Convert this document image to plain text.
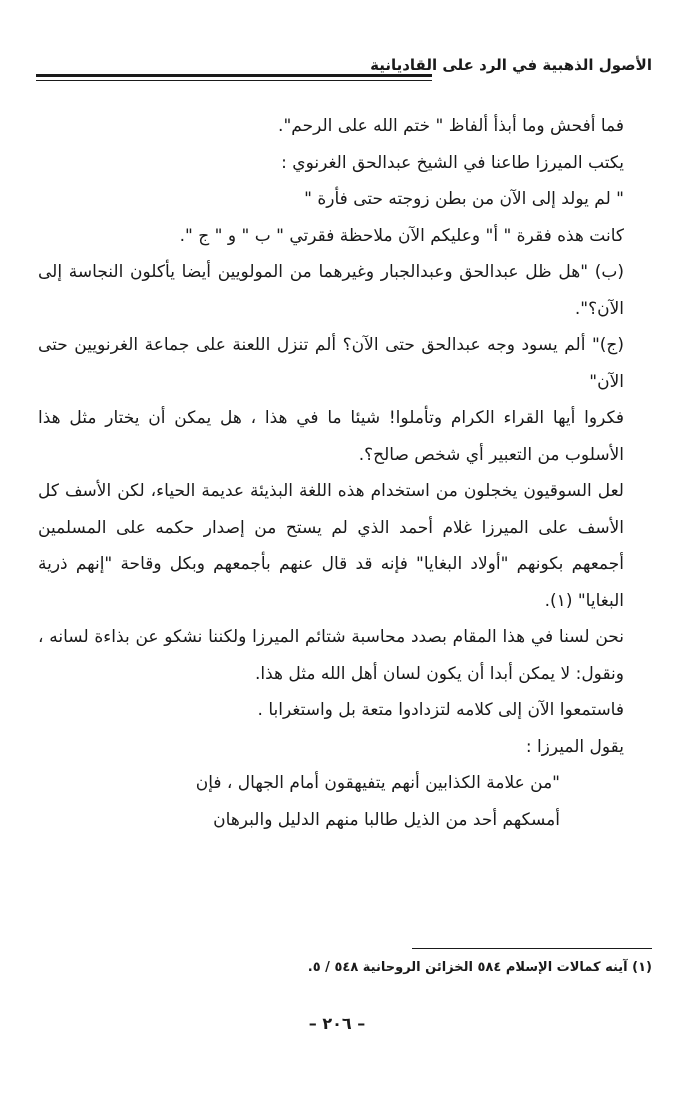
الأصول الذهبية في الرد على القاديانية

فما أفحش وما أبذأ ألفاظ " ختم الله على الرحم".

يكتب الميرزا طاعنا في الشيخ عبدالحق الغرنوي :

" لم يولد إلى الآن من بطن زوجته حتى فأرة "

كانت هذه فقرة " أ" وعليكم الآن ملاحظة فقرتي " ب " و " ج ".

(ب) "هل ظل عبدالحق وعبدالجبار وغيرهما من المولويين أيضا يأكلون النجاسة إلى الآن؟".

(ج)" ألم يسود وجه عبدالحق حتى الآن؟ ألم تنزل اللعنة على جماعة الغرنويين حتى الآن"

فكروا أيها القراء الكرام وتأملوا! شيئا ما في هذا ، هل يمكن أن يختار مثل هذا الأسلوب من التعبير أي شخص صالح؟.

لعل السوقيون يخجلون من استخدام هذه اللغة البذيئة عديمة الحياء، لكن الأسف كل الأسف على الميرزا غلام أحمد الذي لم يستح من إصدار حكمه على المسلمين أجمعهم بكونهم "أولاد البغايا" فإنه قد قال عنهم بأجمعهم وبكل وقاحة "إنهم ذرية البغايا" (١).

نحن لسنا في هذا المقام بصدد محاسبة شتائم الميرزا ولكننا نشكو عن بذاءة لسانه ، ونقول: لا يمكن أبدا أن يكون لسان أهل الله مثل هذا.

فاستمعوا الآن إلى كلامه لتزدادوا متعة بل واستغرابا .

يقول الميرزا :

"من علامة الكذابين أنهم يتفيهقون أمام الجهال ، فإن

أمسكهم أحد من الذيل طالبا منهم الدليل والبرهان

(١) آينه كمالات الإسلام ٥٨٤ الخزائن الروحانية ٥٤٨ / ٥.
– ٢٠٦ –
